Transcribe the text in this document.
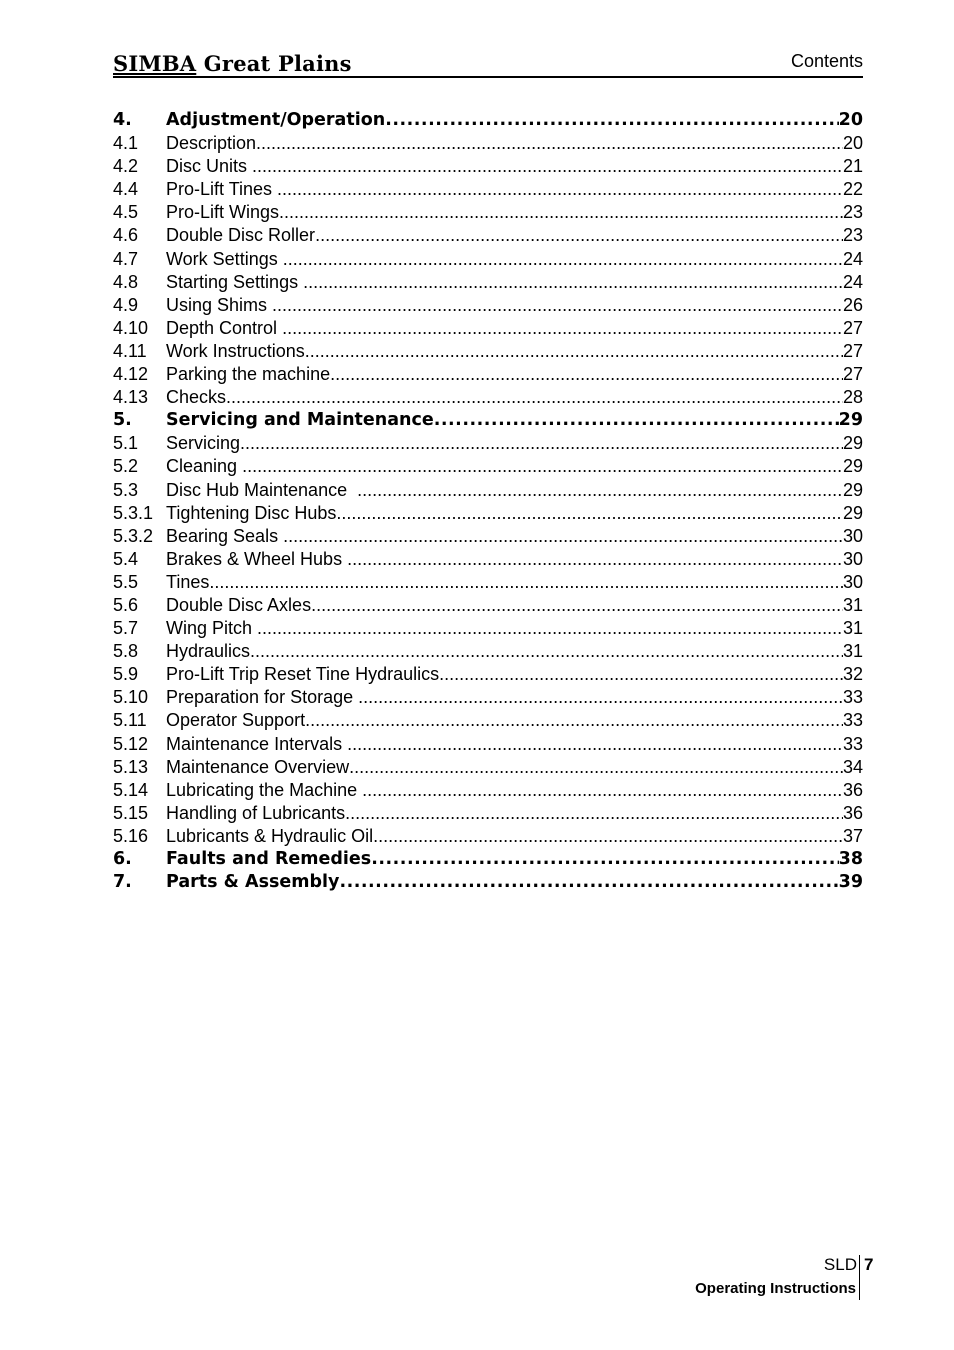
SIMBA Great Plains	Contents
4.	Adjustment/Operation .....	20
4.1	Description .....	20
4.2	Disc Units .....	21
4.4	Pro-Lift Tines .....	22
4.5	Pro-Lift Wings .....	23
4.6	Double Disc Roller .....	23
4.7	Work Settings .....	24
4.8	Starting Settings .....	24
4.9	Using Shims .....	26
4.10 Depth Control .....	27
4.11	Work Instructions .....	27
4.12 Parking the machine .....	27
4.13 Checks .....	28
5.	Servicing and Maintenance .....	29
5.1	Servicing .....	29
5.2	Cleaning .....	29
5.3	Disc Hub Maintenance .....	29
5.3.1 Tightening Disc Hubs .....	29
5.3.2 Bearing Seals .....	30
5.4	Brakes & Wheel Hubs .....	30
5.5	Tines .....	30
5.6	Double Disc Axles .....	31
5.7	Wing Pitch .....	31
5.8	Hydraulics .....	31
5.9	Pro-Lift Trip Reset Tine Hydraulics .....	32
5.10 Preparation for Storage .....	33
5.11	Operator Support .....	33
5.12 Maintenance Intervals .....	33
5.13 Maintenance Overview .....	34
5.14 Lubricating the Machine .....	36
5.15 Handling of Lubricants .....	36
5.16 Lubricants & Hydraulic Oil .....	37
6.	Faults and Remedies .....	38
7.	Parts & Assembly .....	39
SLD 7
Operating Instructions
